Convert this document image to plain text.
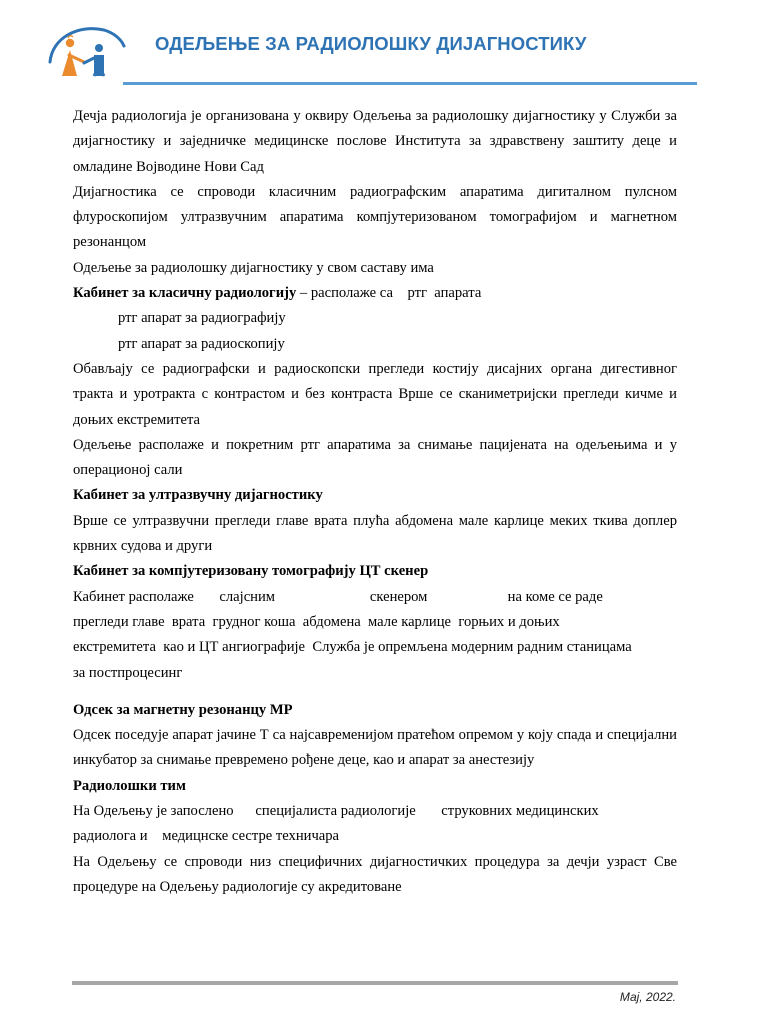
ОДЕЉЕЊЕ ЗА РАДИОЛОШКУ ДИЈАГНОСТИКУ

Дечја радиологија је организована у оквиру Одељења за радиолошку дијагностику у Служби за дијагностику и заједничке медицинске послове Института за здравствену заштиту деце и омладине Војводине Нови Сад

Дијагностика се спроводи класичним радиографским апаратима дигиталном пулсном флуроскопијом ултразвучним апаратима компјутеризованом томографијом и магнетном резонанцом

Одељење за радиолошку дијагностику у свом саставу има

Кабинет за класичну радиологију – располаже са    ртг  апарата

ртг апарат за радиографију

ртг апарат за радиоскопију

Обављају се радиографски и радиоскопски прегледи костију дисајних органа дигестивног тракта и уротракта с контрастом и без контраста Врше се сканиметријски прегледи кичме и доњих екстремитета

Одељење располаже и покретним ртг апаратима за снимање пацијената на одељењима и у операционој сали

Кабинет за ултразвучну дијагностику

Врше се ултразвучни прегледи главе врата плућа абдомена мале карлице меких ткива доплер крвних судова и други

Кабинет за компјутеризовану томографију ЦТ скенер

Кабинет располаже       слајсним                          скенером                      на коме се раде

прегледи главе  врата  грудног коша  абдомена  мале карлице  горњих и доњих

екстремитета  као и ЦТ ангиографије  Служба је опремљена модерним радним станицама

за постпроцесинг

Одсек за магнетну резонанцу МР

Одсек поседује апарат јачине Т са најсавременијом пратећом опремом у коју спада и специјални инкубатор за снимање превремено рођене деце, као и апарат за анестезију

Радиолошки тим

На Одељењу је запослено      специјалиста радиологије       струковних медицинских

радиолога и    медицнске сестре техничара

На Одељењу се спроводи низ специфичних дијагностичких процедура за дечји узраст Све процедуре на Одељењу радиологије су акредитоване

Мај, 2022.
